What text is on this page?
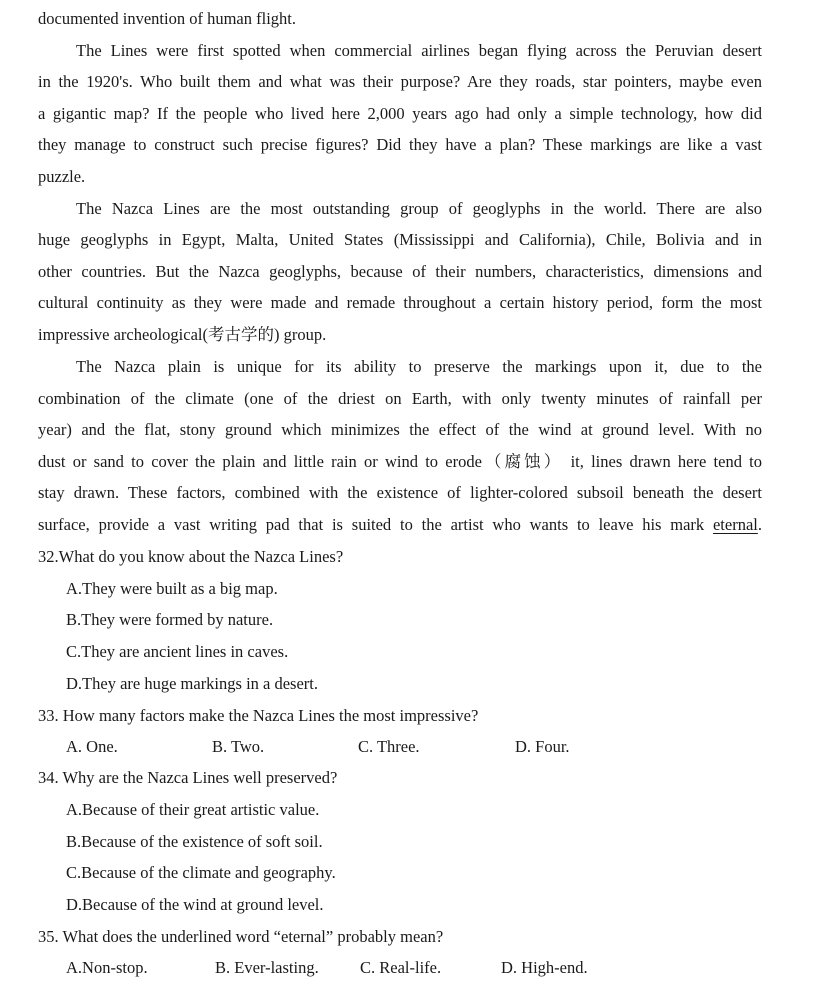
documented invention of human flight.
The Lines were first spotted when commercial airlines began flying across the Peruvian desert
in the 1920's. Who built them and what was their purpose? Are they roads, star pointers, maybe even
a gigantic map? If the people who lived here 2,000 years ago had only a simple technology, how did
they manage to construct such precise figures? Did they have a plan? These markings are like a vast
puzzle.
The Nazca Lines are the most outstanding group of geoglyphs in the world. There are also
huge geoglyphs in Egypt, Malta, United States (Mississippi and California), Chile, Bolivia and in
other countries. But the Nazca geoglyphs, because of their numbers, characteristics, dimensions and
cultural continuity as they were made and remade throughout a certain history period, form the most
impressive archeological(考古学的) group.
The Nazca plain is unique for its ability to preserve the markings upon it, due to the
combination of the climate (one of the driest on Earth, with only twenty minutes of rainfall per
year) and the flat, stony ground which minimizes the effect of the wind at ground level. With no
dust or sand to cover the plain and little rain or wind to erode（腐蚀） it, lines drawn here tend to
stay drawn. These factors, combined with the existence of lighter-colored subsoil beneath the desert
surface, provide a vast writing pad that is suited to the artist who wants to leave his mark eternal.
32.What do you know about the Nazca Lines?
A.They were built as a big map.
B.They were formed by nature.
C.They are ancient lines in caves.
D.They are huge markings in a desert.
33. How many factors make the Nazca Lines the most impressive?
A. One.	B. Two.	C. Three.	D. Four.
34. Why are the Nazca Lines well preserved?
A.Because of their great artistic value.
B.Because of the existence of soft soil.
C.Because of the climate and geography.
D.Because of the wind at ground level.
35. What does the underlined word “eternal” probably mean?
A.Non-stop.	B. Ever-lasting.	C. Real-life.	D. High-end.
